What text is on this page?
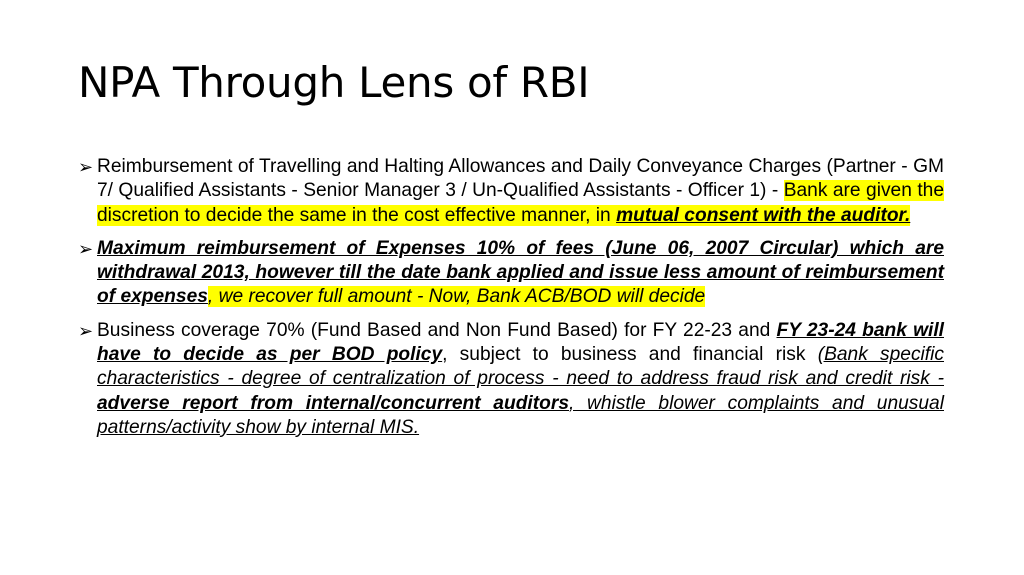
NPA Through Lens of RBI
➢ Reimbursement of Travelling and Halting Allowances and Daily Conveyance Charges (Partner - GM 7/ Qualified Assistants - Senior Manager 3 / Un-Qualified Assistants - Officer 1) - Bank are given the discretion to decide the same in the cost effective manner, in mutual consent with the auditor.
➢ Maximum reimbursement of Expenses 10% of fees (June 06, 2007 Circular) which are withdrawal 2013, however till the date bank applied and issue less amount of reimbursement of expenses, we recover full amount - Now, Bank ACB/BOD will decide
➢ Business coverage 70% (Fund Based and Non Fund Based) for FY 22-23 and FY 23-24 bank will have to decide as per BOD policy, subject to business and financial risk (Bank specific characteristics - degree of centralization of process - need to address fraud risk and credit risk - adverse report from internal/concurrent auditors, whistle blower complaints and unusual patterns/activity show by internal MIS.
